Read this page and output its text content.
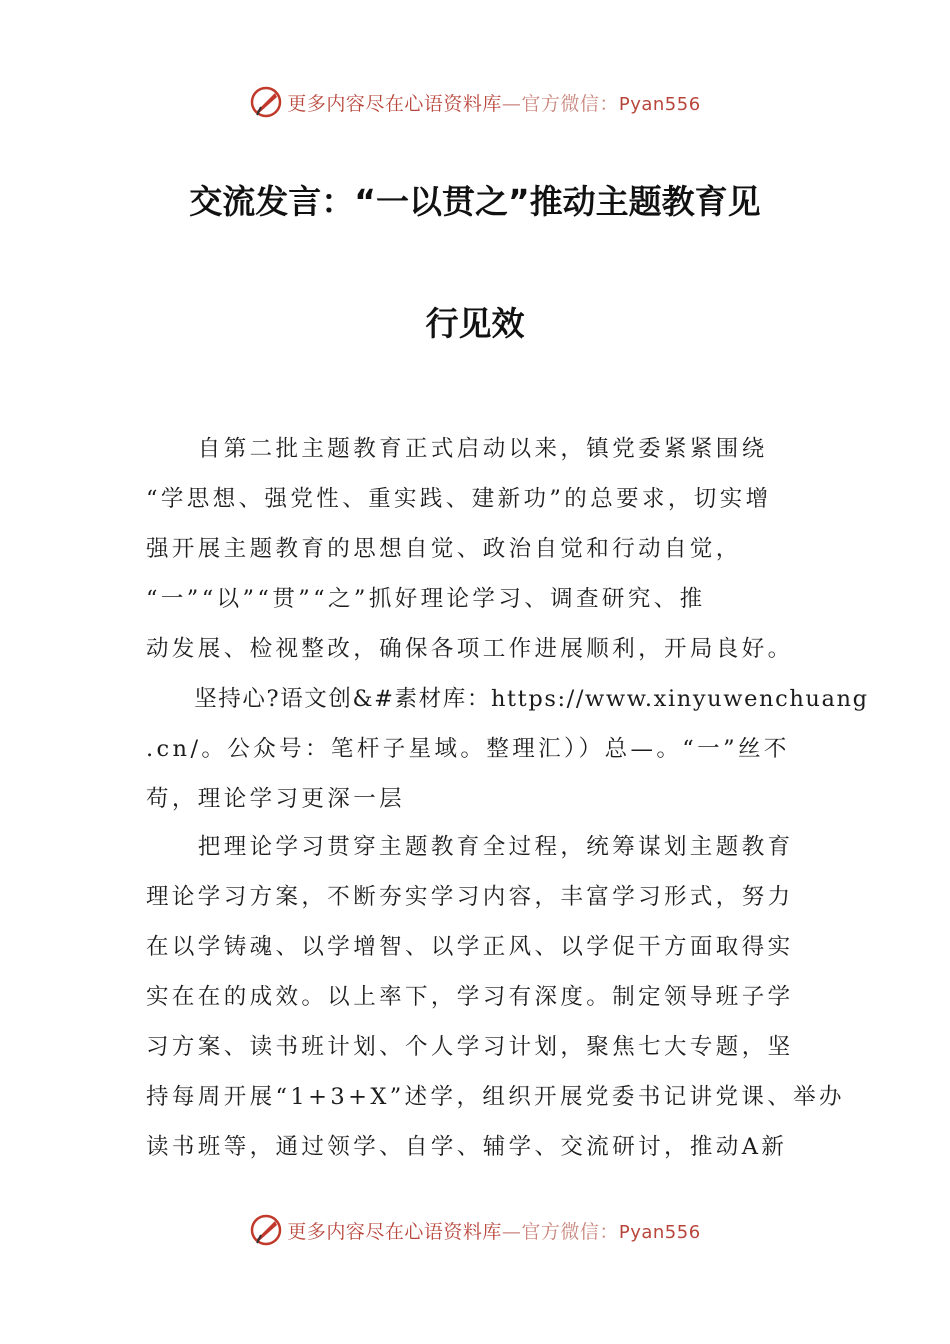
更多内容尽在心语资料库—官方微信：Pyan556
交流发言：“一以贯之”推动主题教育见
行见效
　　自第二批主题教育正式启动以来，镇党委紧紧围绕
“学思想、强党性、重实践、建新功”的总要求，切实增
强开展主题教育的思想自觉、政治自觉和行动自觉，
“一”“以”“贯”“之”抓好理论学习、调查研究、推
动发展、检视整改，确保各项工作进展顺利，开局良好。
　　坚持心?语文创&#素材库：https://www.xinyuwenchuang
.cn/。公众号：笔杆子星域。整理汇））总—。“一”丝不
苟，理论学习更深一层
　　把理论学习贯穿主题教育全过程，统筹谋划主题教育
理论学习方案，不断夯实学习内容，丰富学习形式，努力
在以学铸魂、以学增智、以学正风、以学促干方面取得实
实在在的成效。以上率下，学习有深度。制定领导班子学
习方案、读书班计划、个人学习计划，聚焦七大专题，坚
持每周开展“1+3+X”述学，组织开展党委书记讲党课、举办
读书班等，通过领学、自学、辅学、交流研讨，推动A新
更多内容尽在心语资料库—官方微信：Pyan556
